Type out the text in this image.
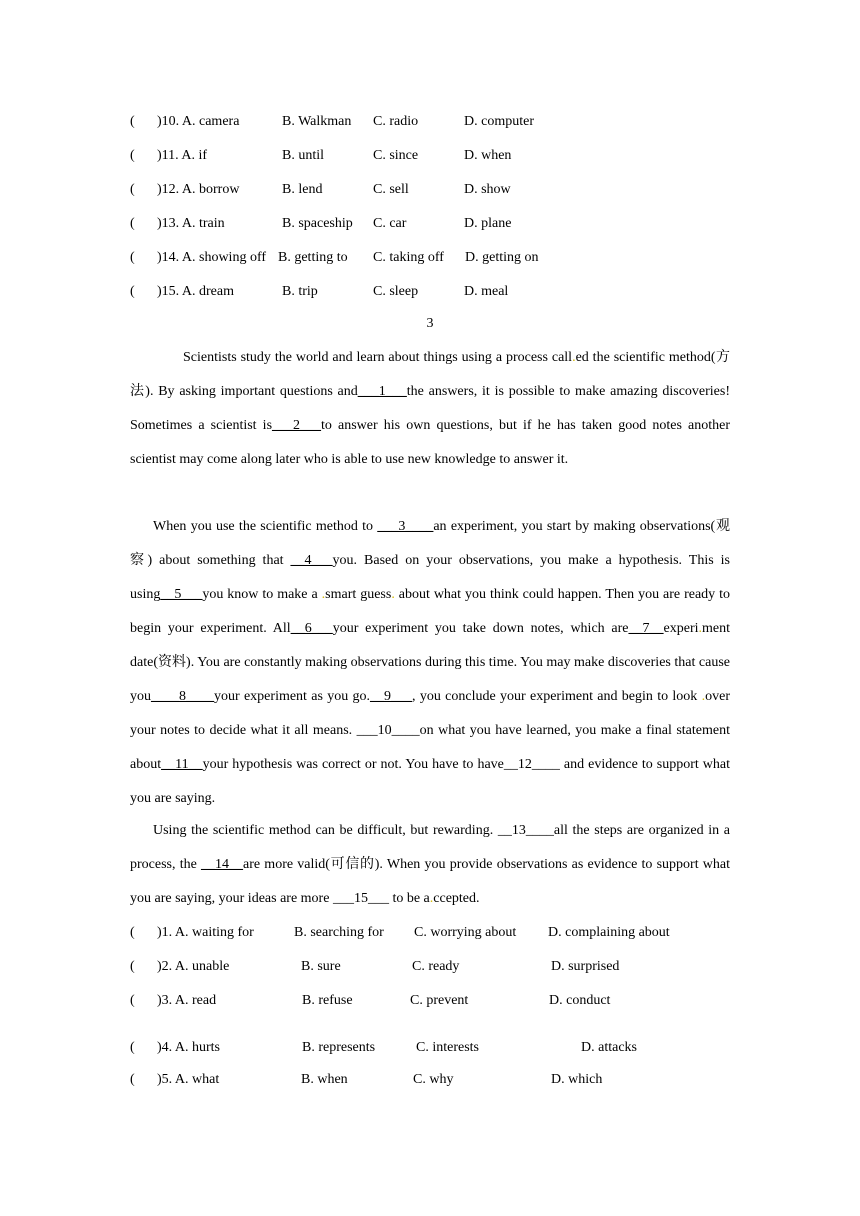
( )10. A. camera	B. Walkman C. radio	D. computer
( )11. A. if	B. until	C. since	D. when
( )12. A. borrow	B. lend	C. sell	D. show
( )13. A. train	B. spaceship C. car	D. plane
( )14. A. showing off B. getting to C. taking off D. getting on
( )15. A. dream	B. trip	C. sleep	D. meal
3
Scientists study the world and learn about things using a process call.ed the scientific method(方法). By asking important questions and___1___the answers, it is possible to make amazing discoveries! Sometimes a scientist is___2___to answer his own questions, but if he has taken good notes another scientist may come along later who is able to use new knowledge to answer it.
When you use the scientific method to ___3____an experiment, you start by making observations(观察) about something that __4___you. Based on your observations, you make a hypothesis. This is using__5___you know to make a .smart guess. about what you think could happen. Then you are ready to begin your experiment. All__6___your experiment you take down notes, which are__7__experi.ment date(资料). You are constantly making observations during this time. You may make discoveries that cause you____8____your experiment as you go.__9___, you conclude your experiment and begin to look .over your notes to decide what it all means. ___10____on what you have learned, you make a final statement about__11__your hypothesis was correct or not. You have to have__12____ and evidence to support what you are saying.
Using the scientific method can be difficult, but rewarding. __13____all the steps are organized in a process, the __14__are more valid(可信的). When you provide observations as evidence to support what you are saying, your ideas are more ___15___ to be a.ccepted.
( )1. A. waiting for	B. searching for C. worrying about D. complaining about
( )2. A. unable	B. sure	C. ready	D. surprised
( )3. A. read	B. refuse	C. prevent	D. conduct
( )4. A. hurts	B. represents	C. interests	D. attacks
( )5. A. what	B. when	C. why	D. which
